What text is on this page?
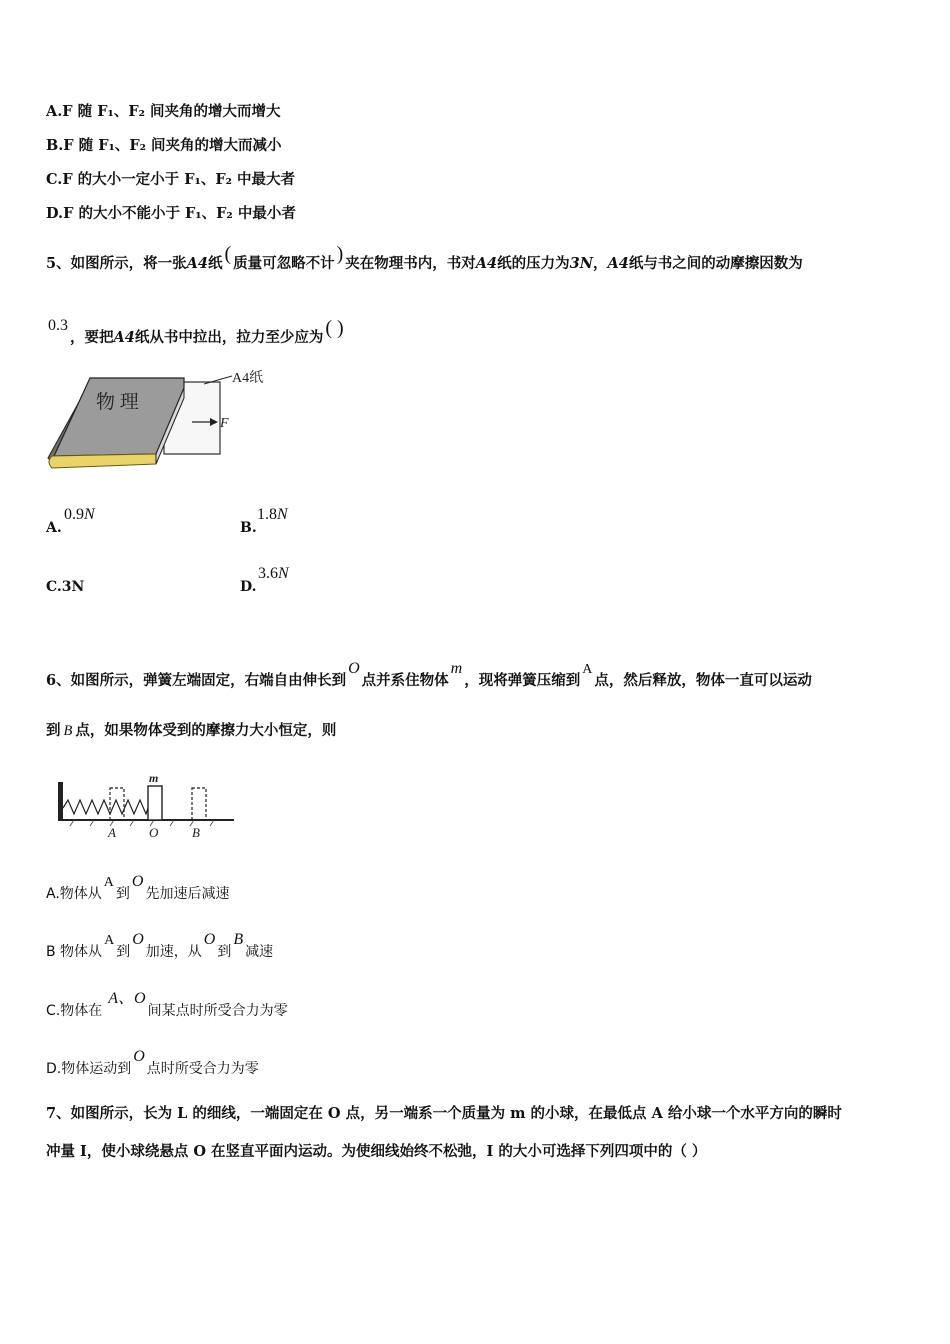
A.F 随 F₁、F₂ 间夹角的增大而增大
B.F 随 F₁、F₂ 间夹角的增大而减小
C.F 的大小一定小于 F₁、F₂ 中最大者
D.F 的大小不能小于 F₁、F₂ 中最小者
5、如图所示，将一张A4纸 ( 质量可忽略不计 ) 夹在物理书内，书对A4纸的压力为3N，A4纸与书之间的动摩擦因数为
0.3，要把A4纸从书中拉出，拉力至少应为 ( )
物 理
A4纸
F
A.
0.9N
B.
1.8N
C.3N	D.
3.6N
6、如图所示，弹簧左端固定，右端自由伸长到O点并系住物体m，现将弹簧压缩到A点，然后释放，物体一直可以运动
到 B 点，如果物体受到的摩擦力大小恒定，则
m
A	O	B
A.物体从A到O先加速后减速
B 物体从A到O加速，从O到B减速
C.物体在A、O间某点时所受合力为零
D.物体运动到O点时所受合力为零
7、如图所示，长为 L 的细线，一端固定在 O 点，另一端系一个质量为 m 的小球，在最低点 A 给小球一个水平方向的瞬时
冲量 I，使小球绕悬点 O 在竖直平面内运动。为使细线始终不松弛，I 的大小可选择下列四项中的（ ）
